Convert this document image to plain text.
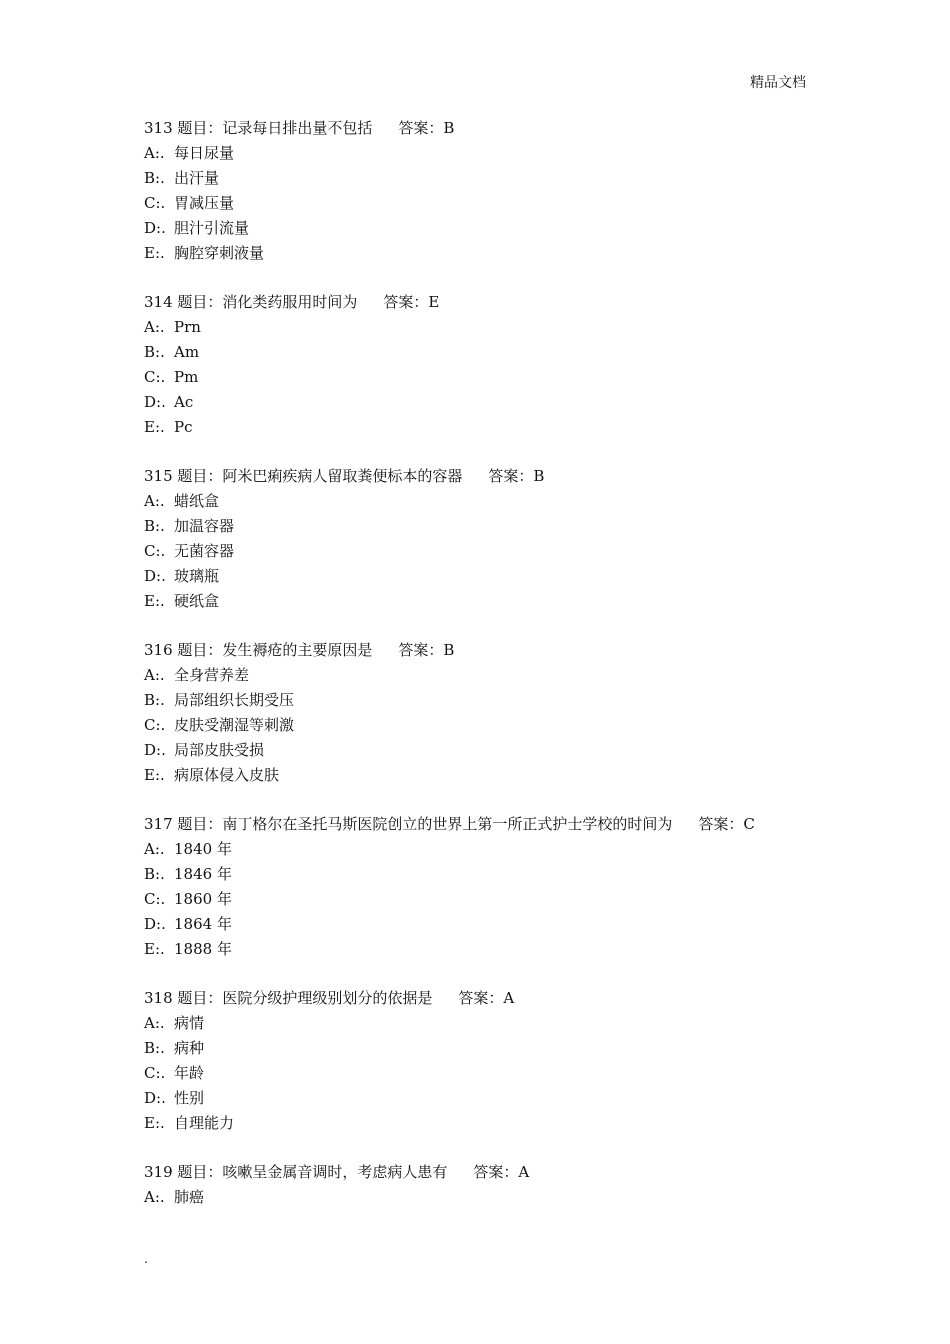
精品文档
313 题目：记录每日排出量不包括 答案：B
A:. 每日尿量
B:. 出汗量
C:. 胃减压量
D:. 胆汁引流量
E:. 胸腔穿刺液量
314 题目：消化类药服用时间为 答案：E
A:. Prn
B:. Am
C:. Pm
D:. Ac
E:. Pc
315 题目：阿米巴痢疾病人留取粪便标本的容器 答案：B
A:. 蜡纸盒
B:. 加温容器
C:. 无菌容器
D:. 玻璃瓶
E:. 硬纸盒
316 题目：发生褥疮的主要原因是 答案：B
A:. 全身营养差
B:. 局部组织长期受压
C:. 皮肤受潮湿等刺激
D:. 局部皮肤受损
E:. 病原体侵入皮肤
317 题目：南丁格尔在圣托马斯医院创立的世界上第一所正式护士学校的时间为 答案：C
A:. 1840 年
B:. 1846 年
C:. 1860 年
D:. 1864 年
E:. 1888 年
318 题目：医院分级护理级别划分的依据是 答案：A
A:. 病情
B:. 病种
C:. 年龄
D:. 性别
E:. 自理能力
319 题目：咳嗽呈金属音调时，考虑病人患有 答案：A
A:. 肺癌
.
